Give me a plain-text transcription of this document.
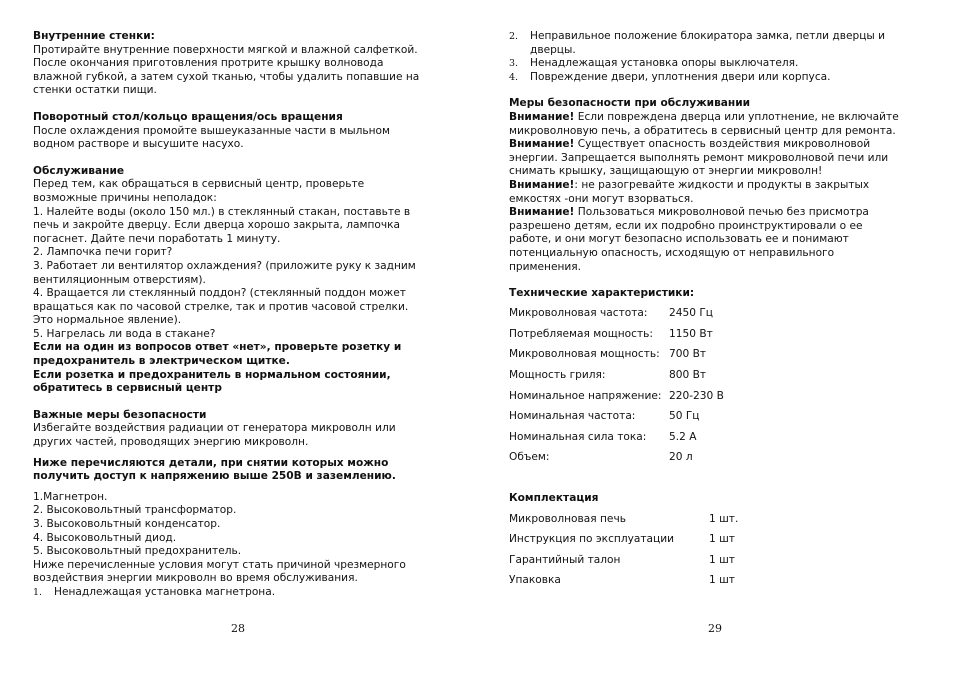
Внутренние стенки:

Протирайте внутренние поверхности мягкой и влажной салфеткой.

После окончания приготовления протрите крышку волновода

влажной губкой, а затем сухой тканью, чтобы удалить попавшие на

стенки остатки пищи.

Поворотный стол/кольцо вращения/ось вращения

После охлаждения промойте вышеуказанные части в мыльном

водном растворе и высушите насухо.

Обслуживание

Перед тем, как обращаться в сервисный центр, проверьте

возможные причины неполадок:

1. Налейте воды (около 150 мл.) в стеклянный стакан, поставьте в

печь и закройте дверцу. Если дверца хорошо закрыта, лампочка

погаснет. Дайте печи поработать 1 минуту.

2. Лампочка печи горит?

3. Работает ли вентилятор охлаждения? (приложите руку к задним

вентиляционным отверстиям).

4. Вращается ли стеклянный поддон? (стеклянный поддон может

вращаться как по часовой стрелке, так и против часовой стрелки.

Это нормальное явление).

5. Нагрелась ли вода в стакане?

Если на один из вопросов ответ «нет», проверьте розетку и

предохранитель в электрическом щитке.

Если розетка и предохранитель в нормальном состоянии,

обратитесь в сервисный центр

Важные меры безопасности

Избегайте воздействия радиации от генератора микроволн или

других частей, проводящих энергию микроволн.

Ниже перечисляются детали, при снятии которых можно

получить доступ к напряжению выше 250В и заземлению.

1.Магнетрон.

2. Высоковольтный трансформатор.

3. Высоковольтный конденсатор.

4. Высоковольтный диод.

5. Высоковольтный предохранитель.

Ниже перечисленные условия могут стать причиной чрезмерного

воздействия энергии микроволн во время обслуживания.

1.	Ненадлежащая установка магнетрона.
28
2.	Неправильное положение блокиратора замка, петли дверцы и
дверцы.
3.	Ненадлежащая установка опоры выключателя.
4.	Повреждение двери, уплотнения двери или корпуса.

Меры безопасности при обслуживании

Внимание! Если повреждена дверца или уплотнение, не включайте

микроволновую печь, а обратитесь в сервисный центр для ремонта.

Внимание! Существует опасность воздействия микроволновой

энергии. Запрещается выполнять ремонт микроволновой печи или

снимать крышку, защищающую от энергии микроволн!

Внимание!: не разогревайте жидкости и продукты в закрытых

емкостях -они могут взорваться.

Внимание! Пользоваться микроволновой печью без присмотра

разрешено детям, если их подробно проинструктировали о ее

работе, и они могут безопасно использовать ее и понимают

потенциальную опасность, исходящую от неправильного

применения.

Технические характеристики:

Микроволновая частота:	2450 Гц
Потребляемая мощность:	1150 Вт
Микроволновая мощность: 700 Вт
Мощность гриля:	800 Вт
Номинальное напряжение: 220-230 В
Номинальная частота:	50 Гц
Номинальная сила тока:	5.2 А
Объем:	20 л

Комплектация

Микроволновая печь	1 шт.
Инструкция по эксплуатации	1 шт
Гарантийный талон	1 шт
Упаковка	1 шт
29
